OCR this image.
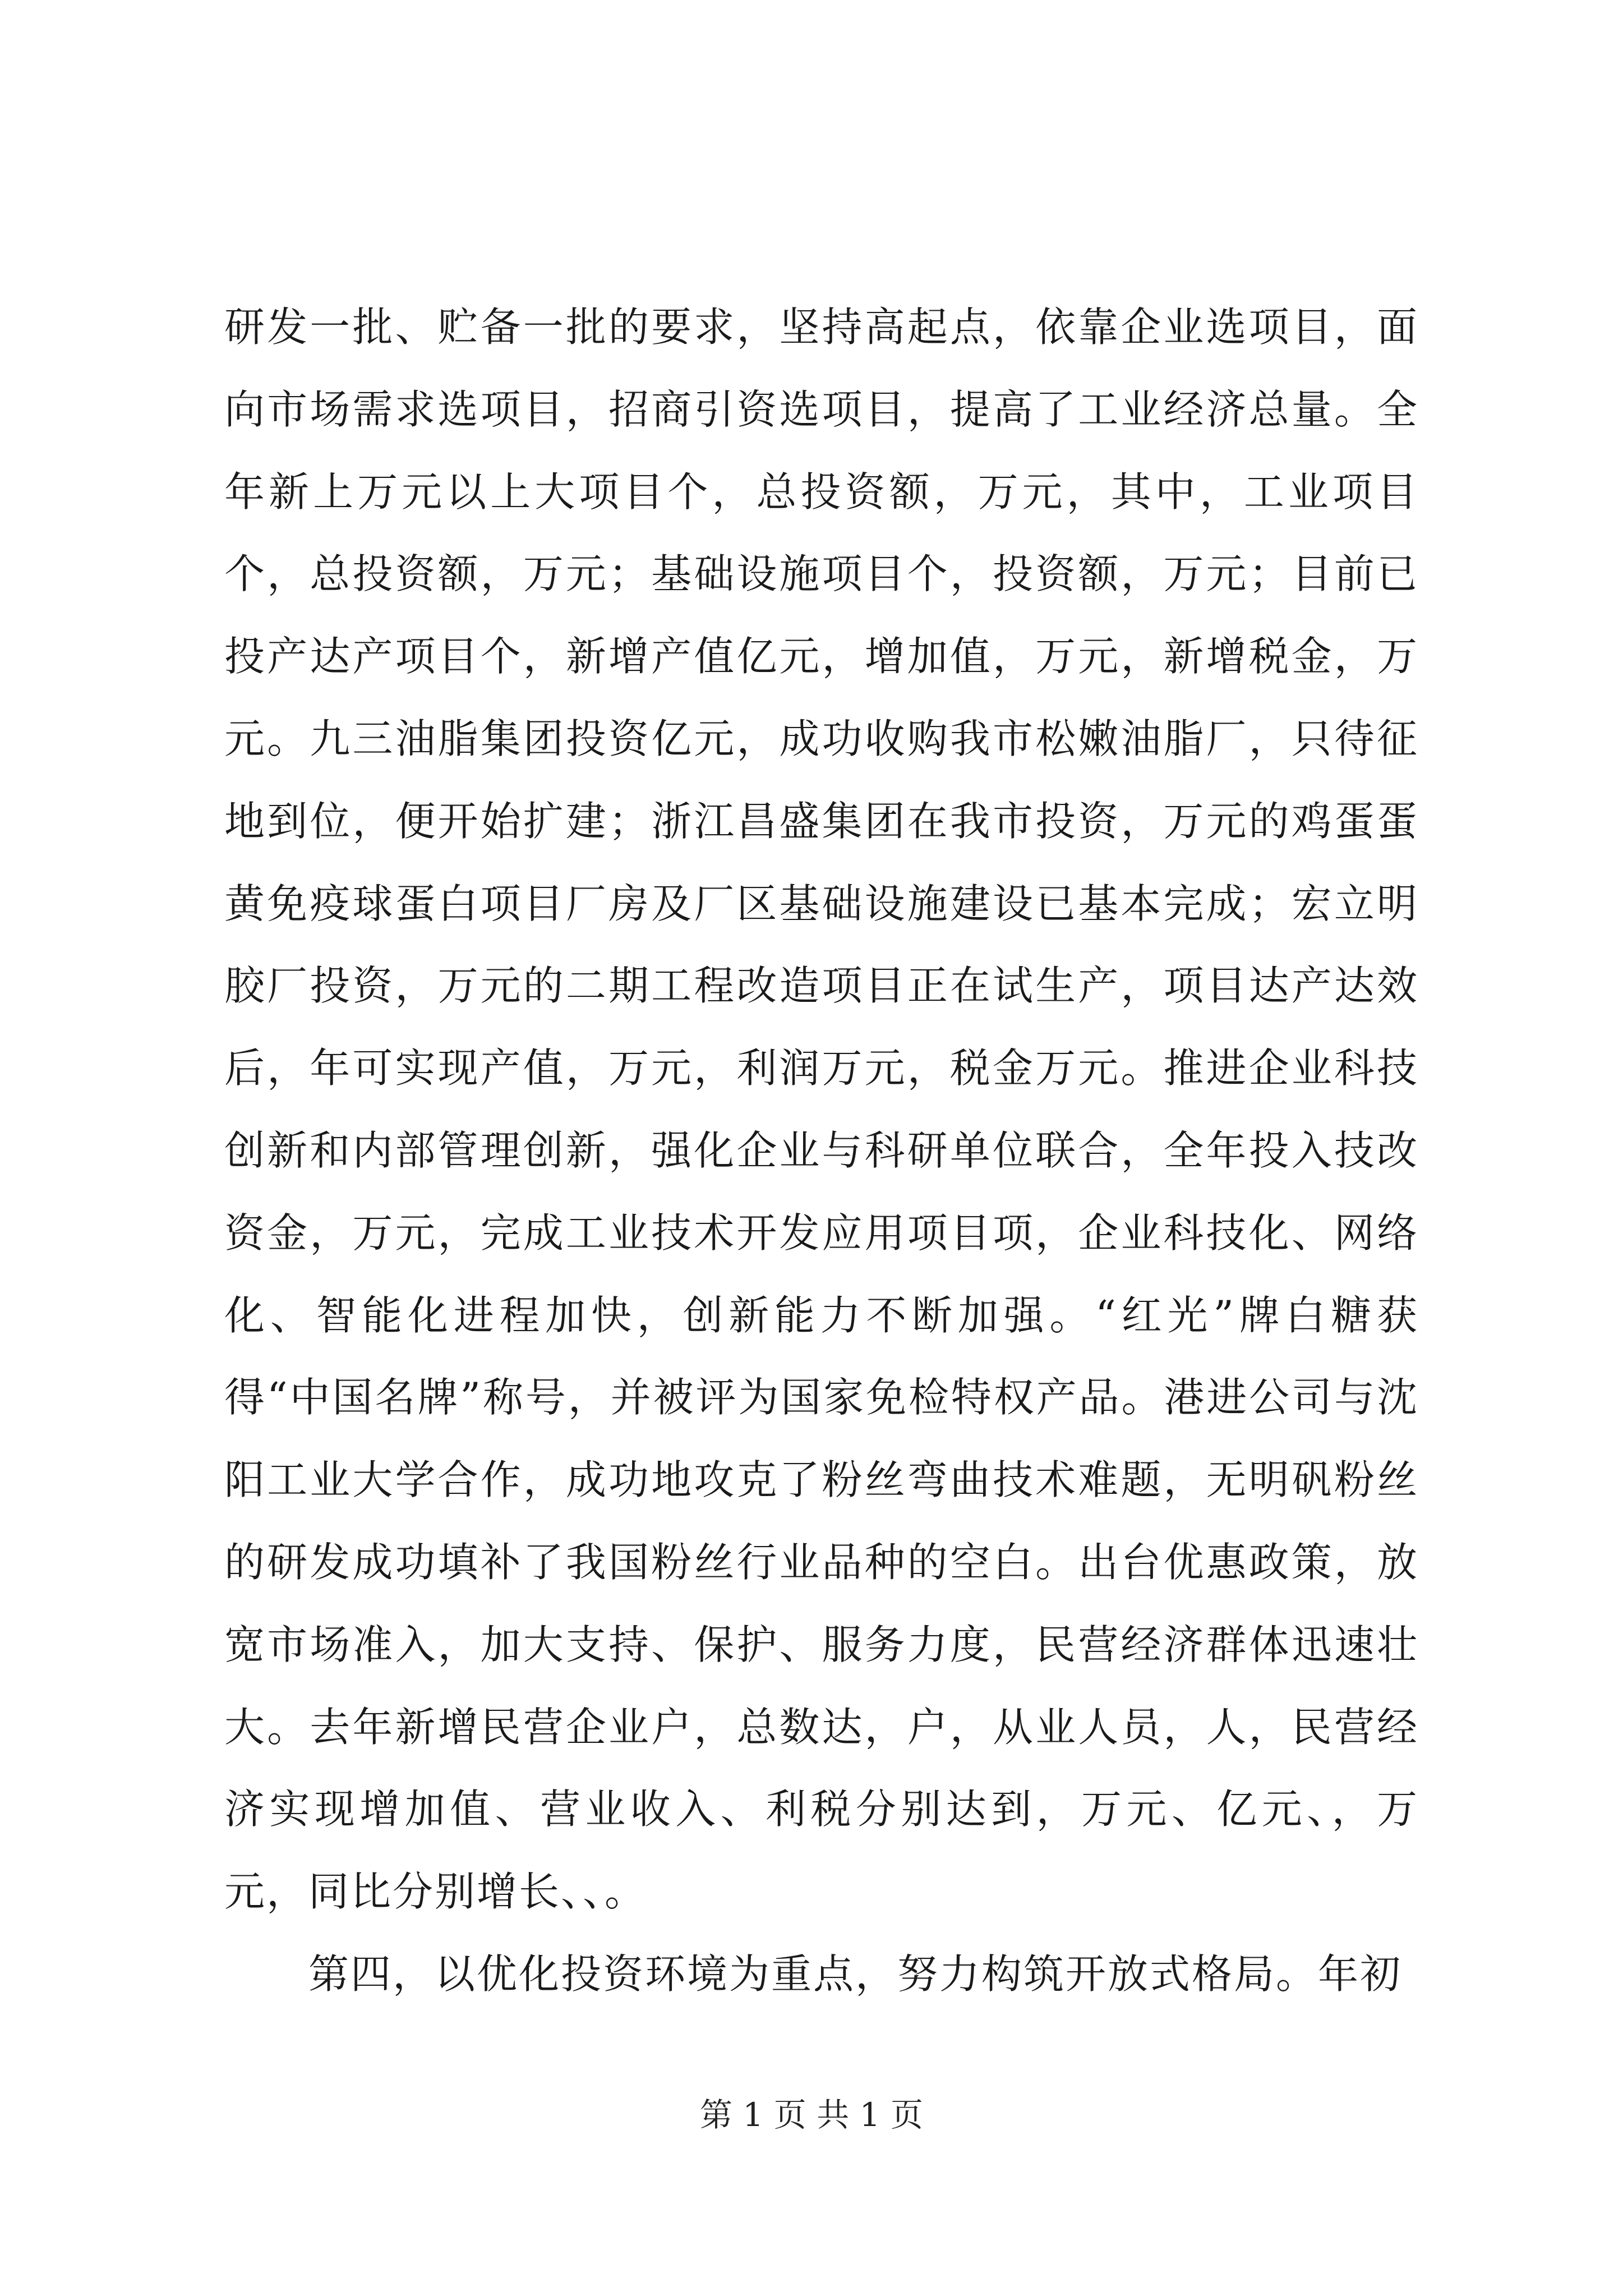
研发一批、贮备一批的要求，坚持高起点，依靠企业选项目，面向市场需求选项目，招商引资选项目，提高了工业经济总量。全年新上万元以上大项目个，总投资额，万元，其中，工业项目个，总投资额，万元；基础设施项目个，投资额，万元；目前已投产达产项目个，新增产值亿元，增加值，万元，新增税金，万元。九三油脂集团投资亿元，成功收购我市松嫩油脂厂，只待征地到位，便开始扩建；浙江昌盛集团在我市投资，万元的鸡蛋蛋黄免疫球蛋白项目厂房及厂区基础设施建设已基本完成；宏立明胶厂投资，万元的二期工程改造项目正在试生产，项目达产达效后，年可实现产值，万元，利润万元，税金万元。推进企业科技创新和内部管理创新，强化企业与科研单位联合，全年投入技改资金，万元，完成工业技术开发应用项目项，企业科技化、网络化、智能化进程加快，创新能力不断加强。“红光”牌白糖获得“中国名牌”称号，并被评为国家免检特权产品。港进公司与沈阳工业大学合作，成功地攻克了粉丝弯曲技术难题，无明矾粉丝的研发成功填补了我国粉丝行业品种的空白。出台优惠政策，放宽市场准入，加大支持、保护、服务力度，民营经济群体迅速壮大。去年新增民营企业户，总数达，户，从业人员，人，民营经济实现增加值、营业收入、利税分别达到，万元、亿元、，万元，同比分别增长、、。

第四，以优化投资环境为重点，努力构筑开放式格局。年初

第 1 页 共 1 页
